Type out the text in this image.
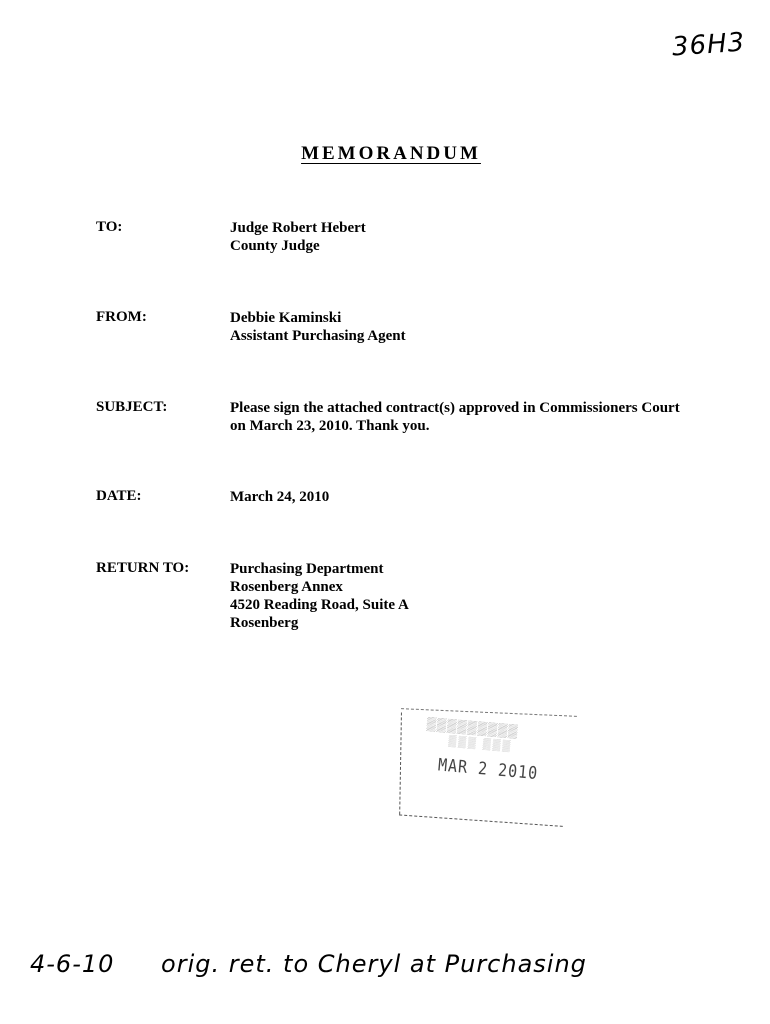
36H3
MEMORANDUM
TO:	Judge Robert Hebert
County Judge
FROM:	Debbie Kaminski
Assistant Purchasing Agent
SUBJECT:	Please sign the attached contract(s) approved in Commissioners Court
on March 23, 2010. Thank you.
DATE:	March 24, 2010
RETURN TO:	Purchasing Department
Rosenberg Annex
4520 Reading Road, Suite A
Rosenberg
▒▒▒▒▒▒▒▒▒
▒▒▒ ▒▒▒
MAR 2 2010
4-6-10 orig. ret. to Cheryl at Purchasing
